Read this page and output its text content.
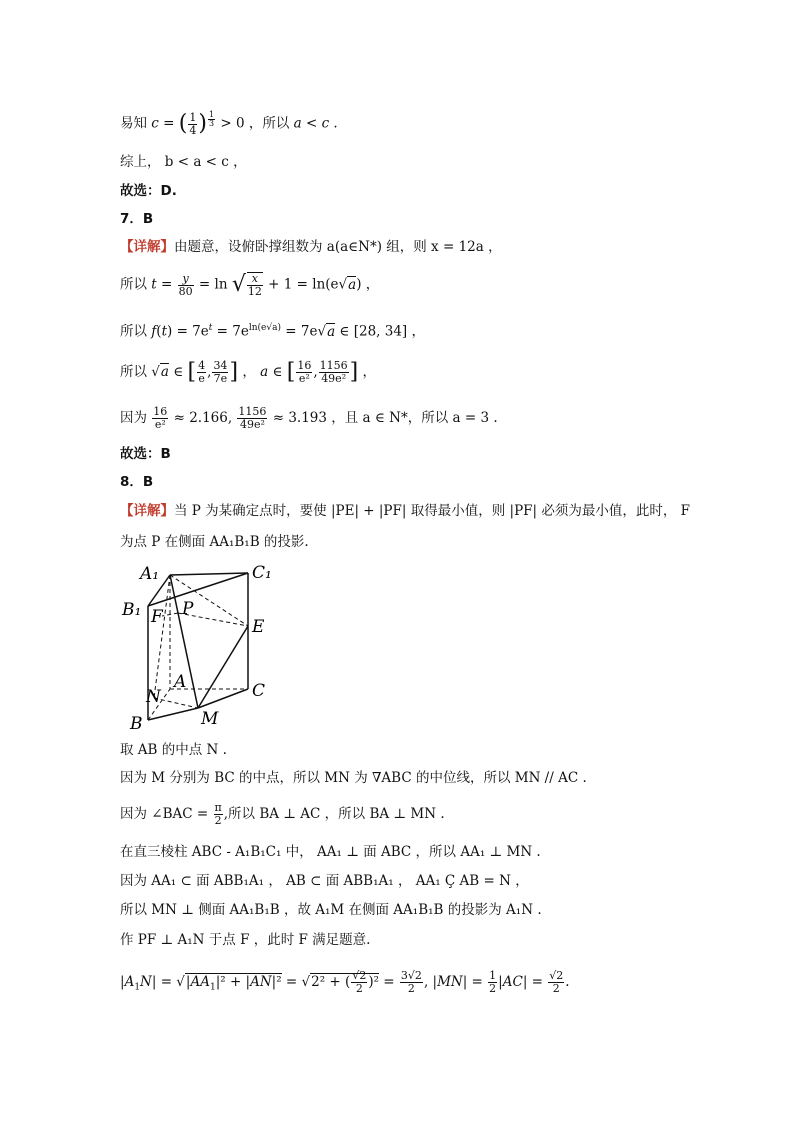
易知 c = ( $\frac{1}{4}$ ) $^{\frac{1}{3}}$ > 0 ，所以 a < c .
综上， b < a < c ，
故选：D.
7．B
【详解】由题意，设俯卧撑组数为 a(a∈N*) 组，则 x = 12a ，
所以 $t = \frac{y}{80} = \ln$ √ $\frac{x}{12} + 1 = \ln(e√a)$ ，
所以 $f(t) = 7e^t = 7e^{ln(e√a)} = 7e√a$ ∈ [28, 34] ，
所以 √a ∈ [ $\frac{4}{e}$ , $\frac{34}{7e}$ ] ， a ∈ [ $\frac{16}{\text{e²}}$ , $\frac{1156}{\text{49e²}}$ ] ，
因为 $\frac{16}{\text{e²}} \approx 2.166$, $\frac{1156}{\text{49e²}} \approx 3.193$ ，且 a ∈ N*，所以 a = 3 .
故选：B
8．B
【详解】当 P 为某确定点时，要使 |PE| + |PF| 取得最小值，则 |PF| 必须为最小值，此时， F
为点 P 在侧面 AA₁B₁B 的投影.
A₁	C₁
B₁ F P
E
A
N	C
B	M
取 AB 的中点 N .
因为 M 分别为 BC 的中点，所以 MN 为 ∇ABC 的中位线，所以 MN // AC .
因为 ∠BAC = $\frac{\pi}{2}$ ,所以 BA ⊥ AC ，所以 BA ⊥ MN .
在直三棱柱 ABC - A₁B₁C₁ 中， AA₁ ⊥ 面 ABC ，所以 AA₁ ⊥ MN .
因为 AA₁ ⊂ 面 ABB₁A₁ ， AB ⊂ 面 ABB₁A₁ ， AA₁ Ç AB = N ，
所以 MN ⊥ 侧面 AA₁B₁B ，故 A₁M 在侧面 AA₁B₁B 的投影为 A₁N .
作 PF ⊥ A₁N 于点 F ，此时 F 满足题意.
$|A_1N| = √|AA_1|^2 + |AN|^2 = √2^2$ + ( $\frac{√2}{2} )^2 = \frac{3√2}{2}$ , $|MN| = \frac{1}{2} |AC| = \frac{√2}{2}$ .
